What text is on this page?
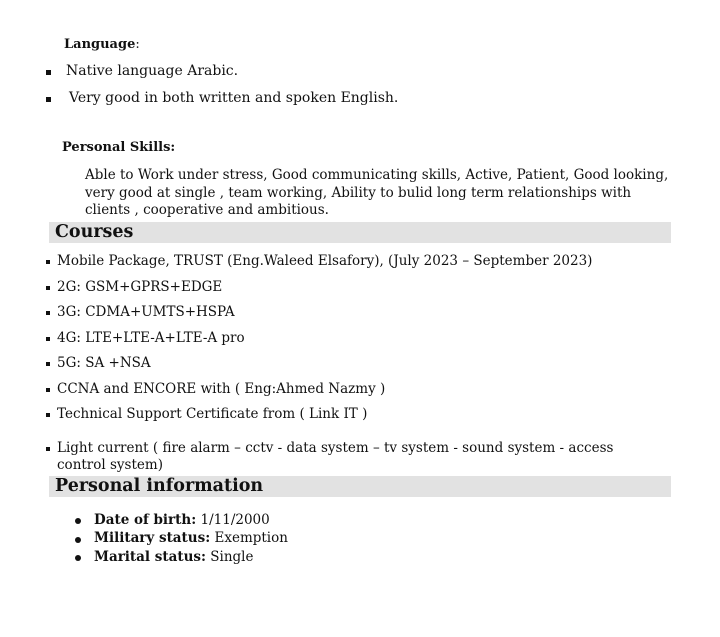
Language:
Native language Arabic.
Very good in both written and spoken English.
Personal Skills:
Able to Work under stress, Good communicating skills, Active, Patient, Good looking, very good at single , team working, Ability to bulid long term relationships with clients , cooperative and ambitious.
Courses
Mobile Package, TRUST (Eng.Waleed Elsafory), (July 2023 – September 2023)
2G: GSM+GPRS+EDGE
3G: CDMA+UMTS+HSPA
4G: LTE+LTE-A+LTE-A pro
5G: SA +NSA
CCNA and ENCORE with ( Eng:Ahmed Nazmy )
Technical Support Certificate from ( Link IT )
Light current ( fire alarm – cctv - data system – tv system - sound system - access control system)
Personal information
Date of birth: 1/11/2000
Military status: Exemption
Marital status: Single
